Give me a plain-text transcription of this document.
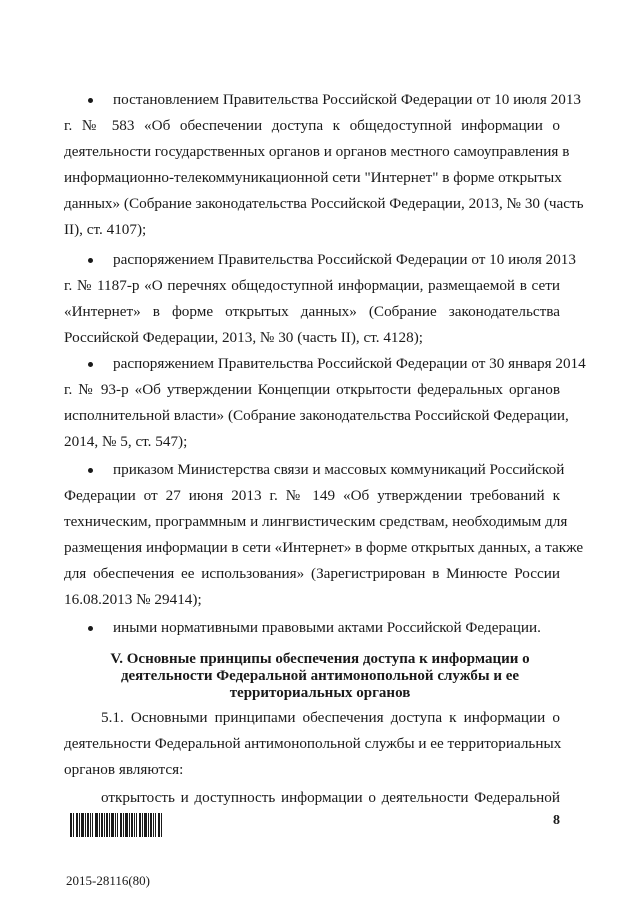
постановлением Правительства Российской Федерации от 10 июля 2013
г. № 583 «Об обеспечении доступа к общедоступной информации о
деятельности государственных органов и органов местного самоуправления в
информационно-телекоммуникационной сети "Интернет" в форме открытых
данных» (Собрание законодательства Российской Федерации, 2013, № 30 (часть
II), ст. 4107);
распоряжением Правительства Российской Федерации от 10 июля 2013
г. № 1187-р «О перечнях общедоступной информации, размещаемой в сети
«Интернет» в форме открытых данных» (Собрание законодательства
Российской Федерации, 2013, № 30 (часть II), ст. 4128);
распоряжением Правительства Российской Федерации от 30 января 2014
г. № 93-р «Об утверждении Концепции открытости федеральных органов
исполнительной власти» (Собрание законодательства Российской Федерации,
2014, № 5, ст. 547);
приказом Министерства связи и массовых коммуникаций Российской
Федерации от 27 июня 2013 г. № 149 «Об утверждении требований к
техническим, программным и лингвистическим средствам, необходимым для
размещения информации в сети «Интернет» в форме открытых данных, а также
для обеспечения ее использования» (Зарегистрирован в Минюсте России
16.08.2013 № 29414);
иными нормативными правовыми актами Российской Федерации.
V. Основные принципы обеспечения доступа к информации о
деятельности Федеральной антимонопольной службы и ее
территориальных органов
5.1. Основными принципами обеспечения доступа к информации о
деятельности Федеральной антимонопольной службы и ее территориальных
органов являются:
открытость и доступность информации о деятельности Федеральной
8
2015-28116(80)
